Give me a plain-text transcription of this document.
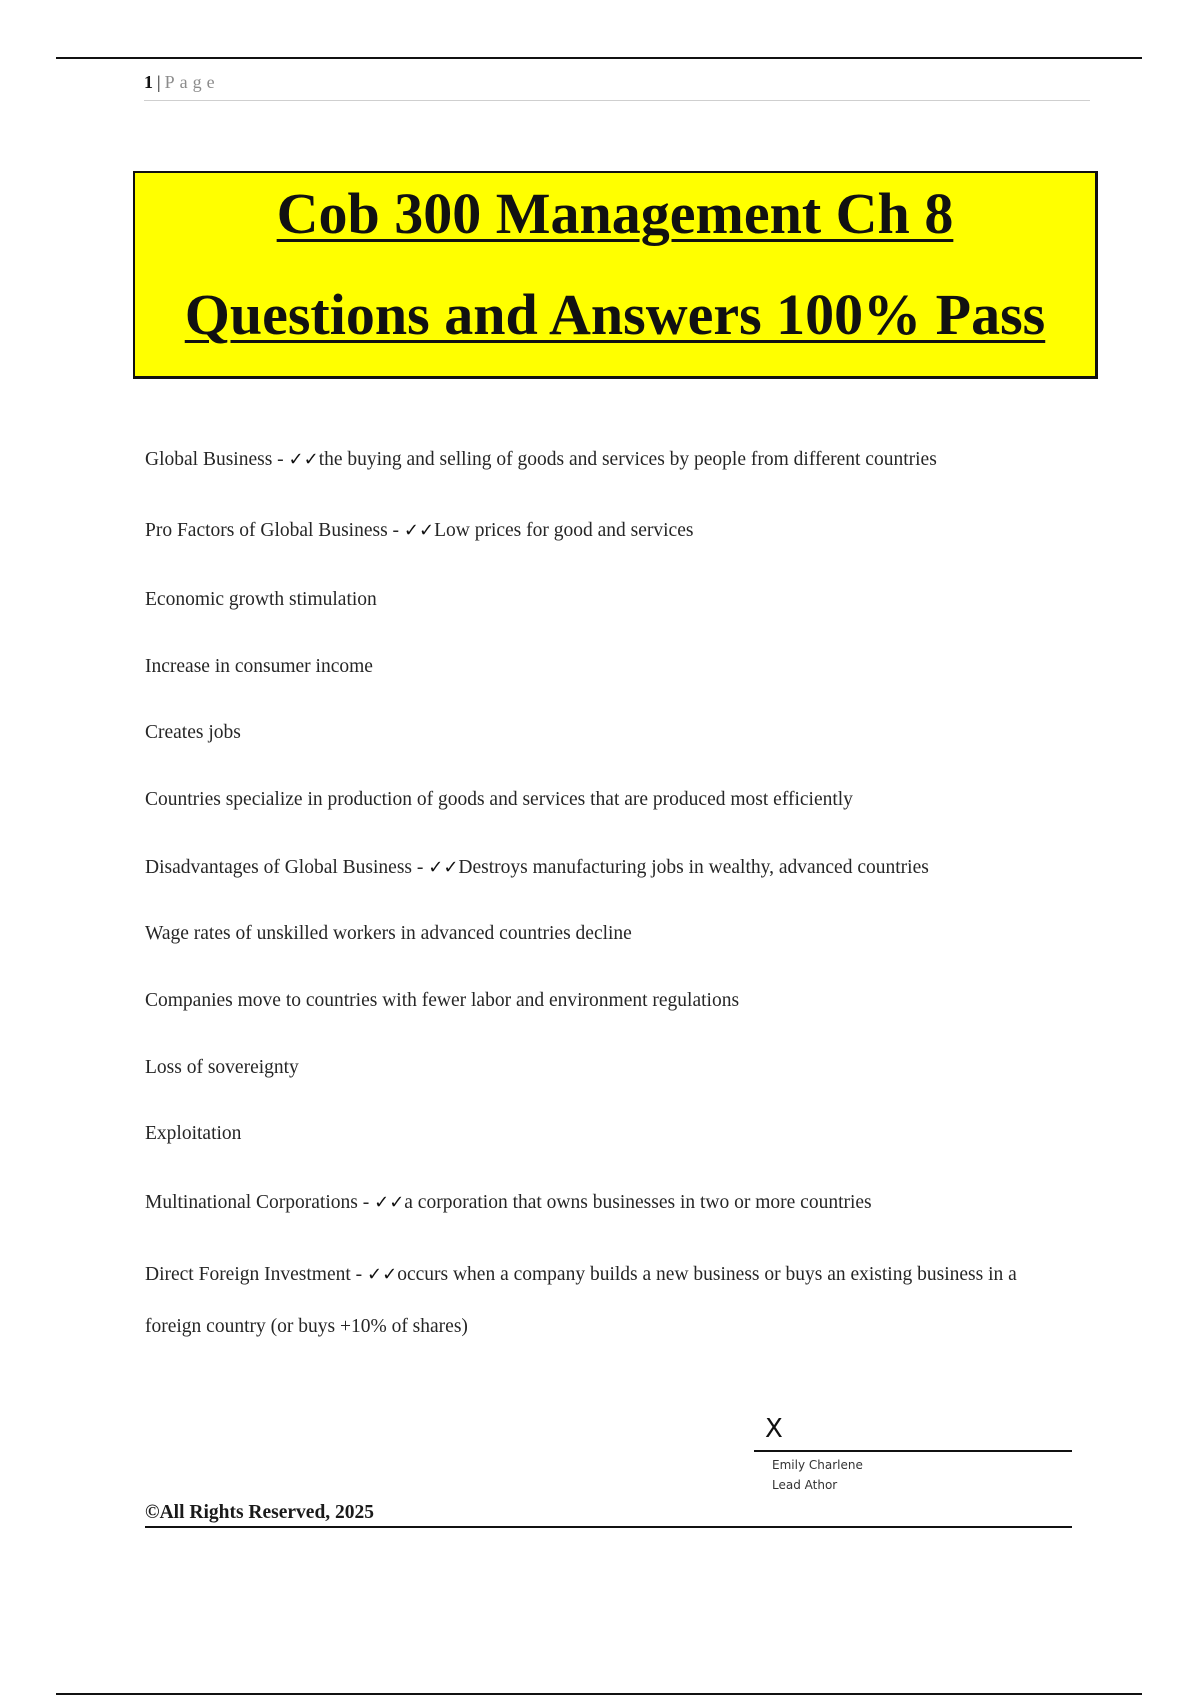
1 | Page
Cob 300 Management Ch 8
Questions and Answers 100% Pass
Global Business - ✓✓the buying and selling of goods and services by people from different countries
Pro Factors of Global Business - ✓✓Low prices for good and services
Economic growth stimulation
Increase in consumer income
Creates jobs
Countries specialize in production of goods and services that are produced most efficiently
Disadvantages of Global Business - ✓✓Destroys manufacturing jobs in wealthy, advanced countries
Wage rates of unskilled workers in advanced countries decline
Companies move to countries with fewer labor and environment regulations
Loss of sovereignty
Exploitation
Multinational Corporations - ✓✓a corporation that owns businesses in two or more countries
Direct Foreign Investment - ✓✓occurs when a company builds a new business or buys an existing business in a foreign country (or buys +10% of shares)
X
Emily Charlene
Lead Athor
©All Rights Reserved, 2025
